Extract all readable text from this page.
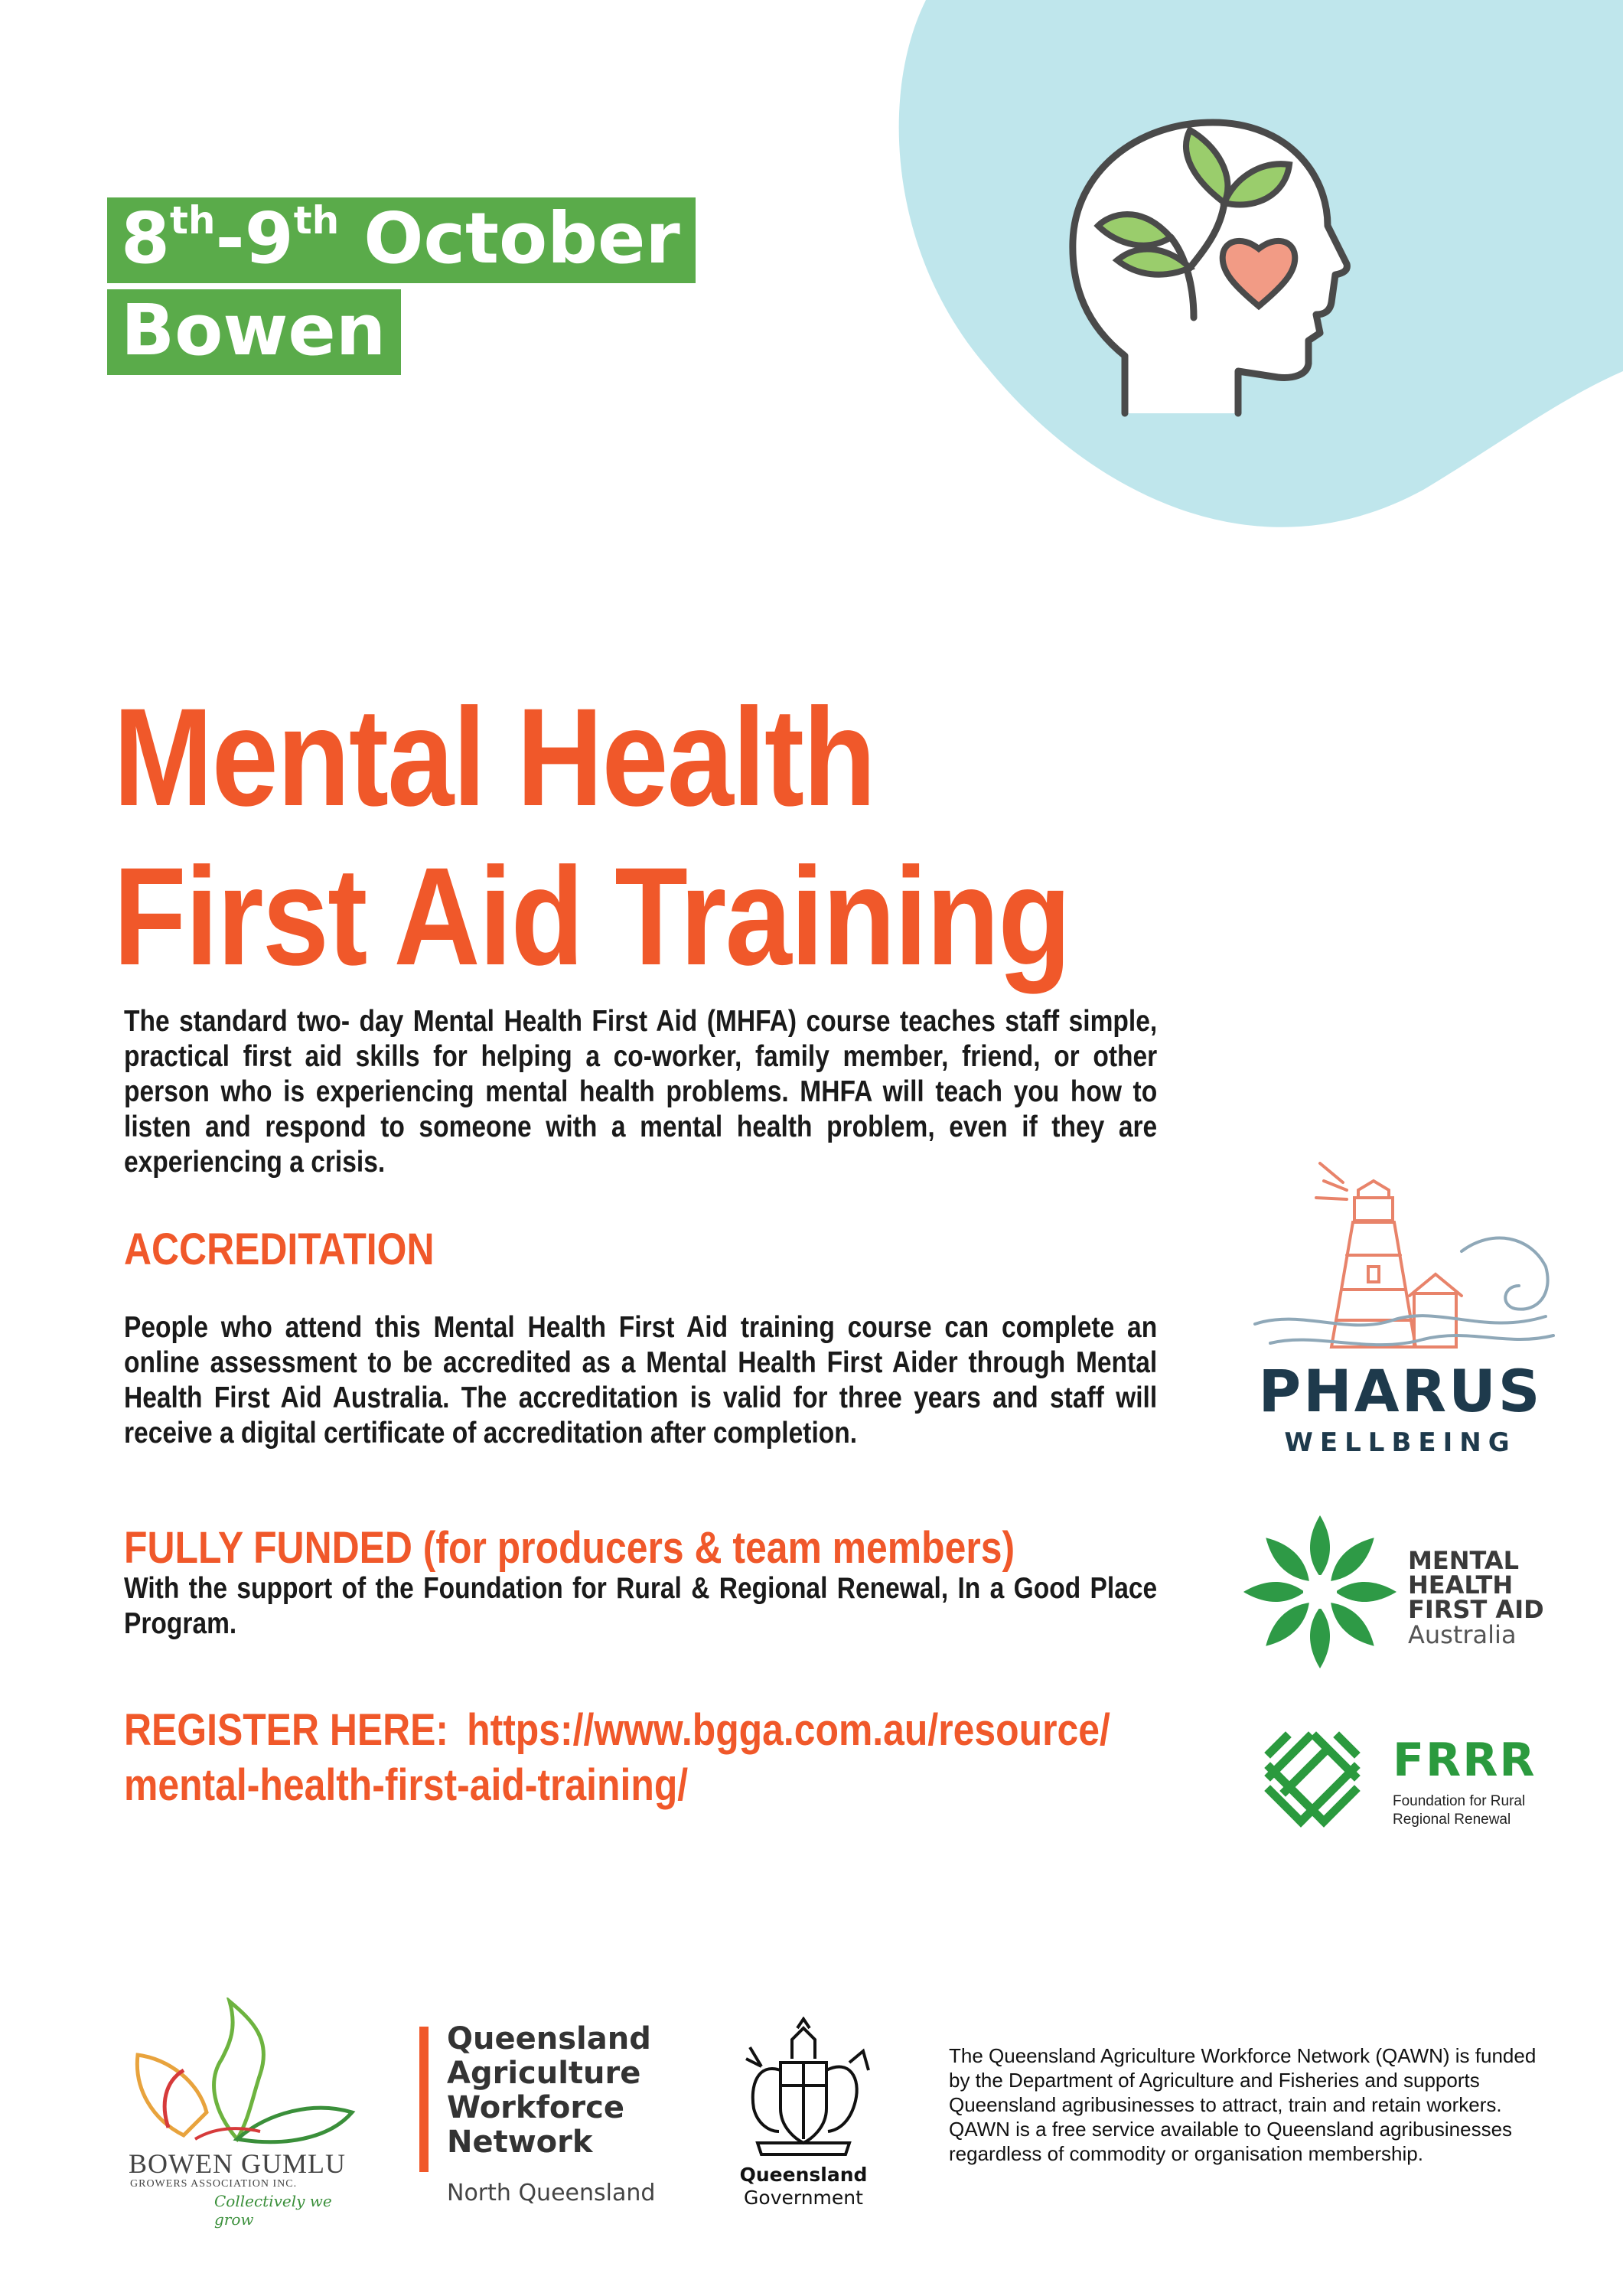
8th-9th October
Bowen
Mental Health
First Aid Training
The standard two- day Mental Health First Aid (MHFA) course teaches staff simple, practical first aid skills for helping a co-worker, family member, friend, or other person who is experiencing mental health problems. MHFA will teach you how to listen and respond to someone with a mental health problem, even if they are experiencing a crisis.
ACCREDITATION
People who attend this Mental Health First Aid training course can complete an online assessment to be accredited as a Mental Health First Aider through Mental Health First Aid Australia. The accreditation is valid for three years and staff will receive a digital certificate of accreditation after completion.
FULLY FUNDED (for producers & team members)
With the support of the Foundation for Rural & Regional Renewal, In a Good Place Program.
REGISTER HERE: https://www.bgga.com.au/resource/
mental-health-first-aid-training/
PHARUS
WELLBEING
MENTAL
HEALTH
FIRST AID
Australia
FRRR
Foundation for Rural
Regional Renewal
BOWEN GUMLU
GROWERS ASSOCIATION INC.
Collectively we grow
Queensland
Agriculture
Workforce
Network
North Queensland
Queensland
Government
The Queensland Agriculture Workforce Network (QAWN) is funded by the Department of Agriculture and Fisheries and supports Queensland agribusinesses to attract, train and retain workers. QAWN is a free service available to Queensland agribusinesses regardless of commodity or organisation membership.
